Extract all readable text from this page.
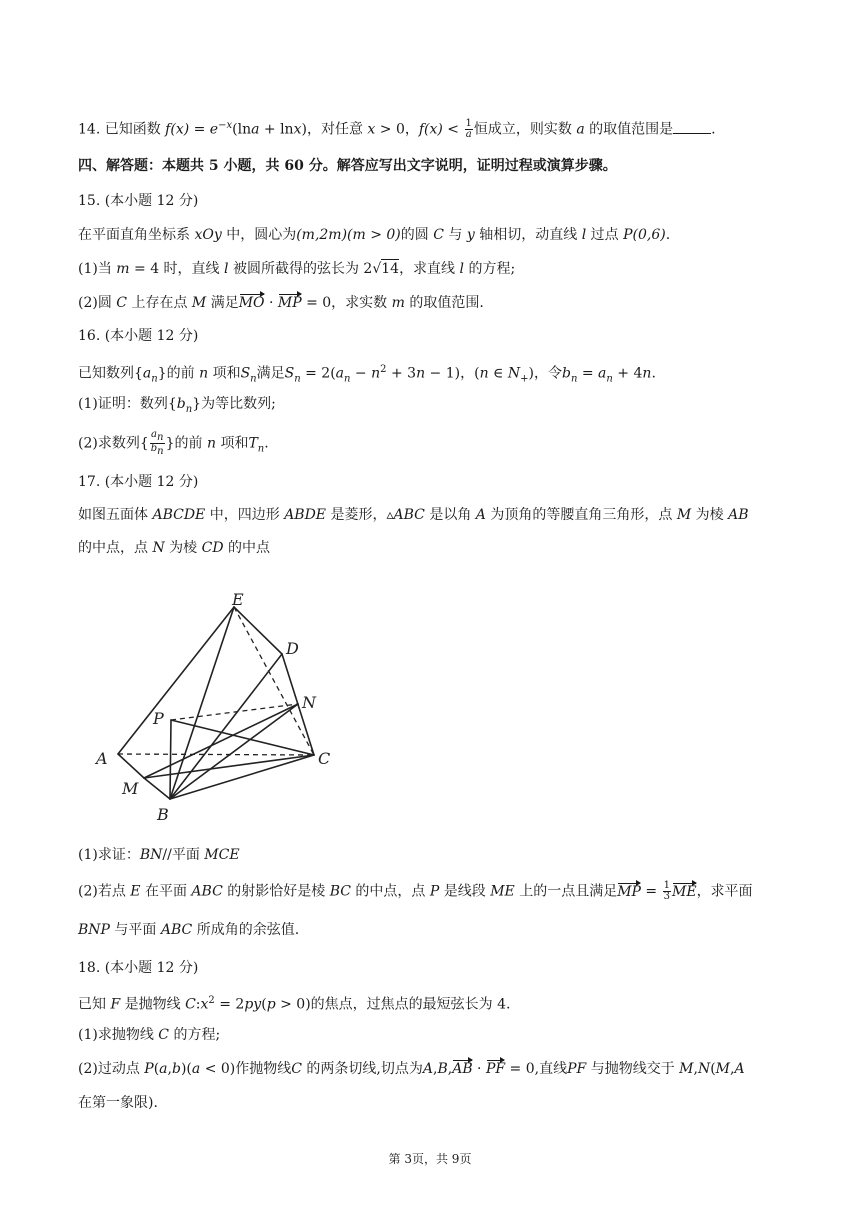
14. 已知函数 $f(x) = e^{-x}(\ln a + \ln x)$，对任意 x > 0，$f(x) < \frac{1}{a}$ 恒成立，则实数 a 的取值范围是	.
四、解答题：本题共 5 小题，共 60 分。解答应写出文字说明，证明过程或演算步骤。
15. (本小题 12 分)
在平面直角坐标系 xOy 中，圆心为(m,2m)(m > 0)的圆 C 与 y 轴相切，动直线 l 过点 P(0,6).
(1)当 m = 4 时，直线 l 被圆所截得的弦长为 2√14，求直线 l 的方程;
(2)圆 C 上存在点 M 满足MO · MP = 0，求实数 m 的取值范围.
16. (本小题 12 分)
已知数列$\{a_n\}$的前 n 项和$S_n$满足$S_n = 2(a_n - n^2 + 3n - 1)$，(n ∈ $N_+$)，令$b_n = a_n + 4n$.
(1)证明：数列$\{b_n\}$为等比数列;
(2)求数列{ $\frac{a_n}{b_n}$ }的前 n 项和$T_n$.
17. (本小题 12 分)
如图五面体 ABCDE 中，四边形 ABDE 是菱形，▵ABC 是以角 A 为顶角的等腰直角三角形，点 M 为棱 AB
的中点，点 N 为棱 CD 的中点
E
D
N
P
A	C
M
B
(1)求证：BN//平面 MCE
(2)若点 E 在平面 ABC 的射影恰好是棱 BC 的中点，点 P 是线段 ME 上的一点且满足MP = $\frac{1}{3}$ ME，求平面
BNP 与平面 ABC 所成角的余弦值.
18. (本小题 12 分)
已知 F 是抛物线 $C:x^2 = 2py(p > 0)$的焦点，过焦点的最短弦长为 4.
(1)求抛物线 C 的方程;
(2)过动点 P(a,b)(a < 0)作抛物线C 的两条切线,切点为A,B,AB · PF = 0,直线PF 与抛物线交于 M,N(M,A
在第一象限).
第 3页，共 9页
